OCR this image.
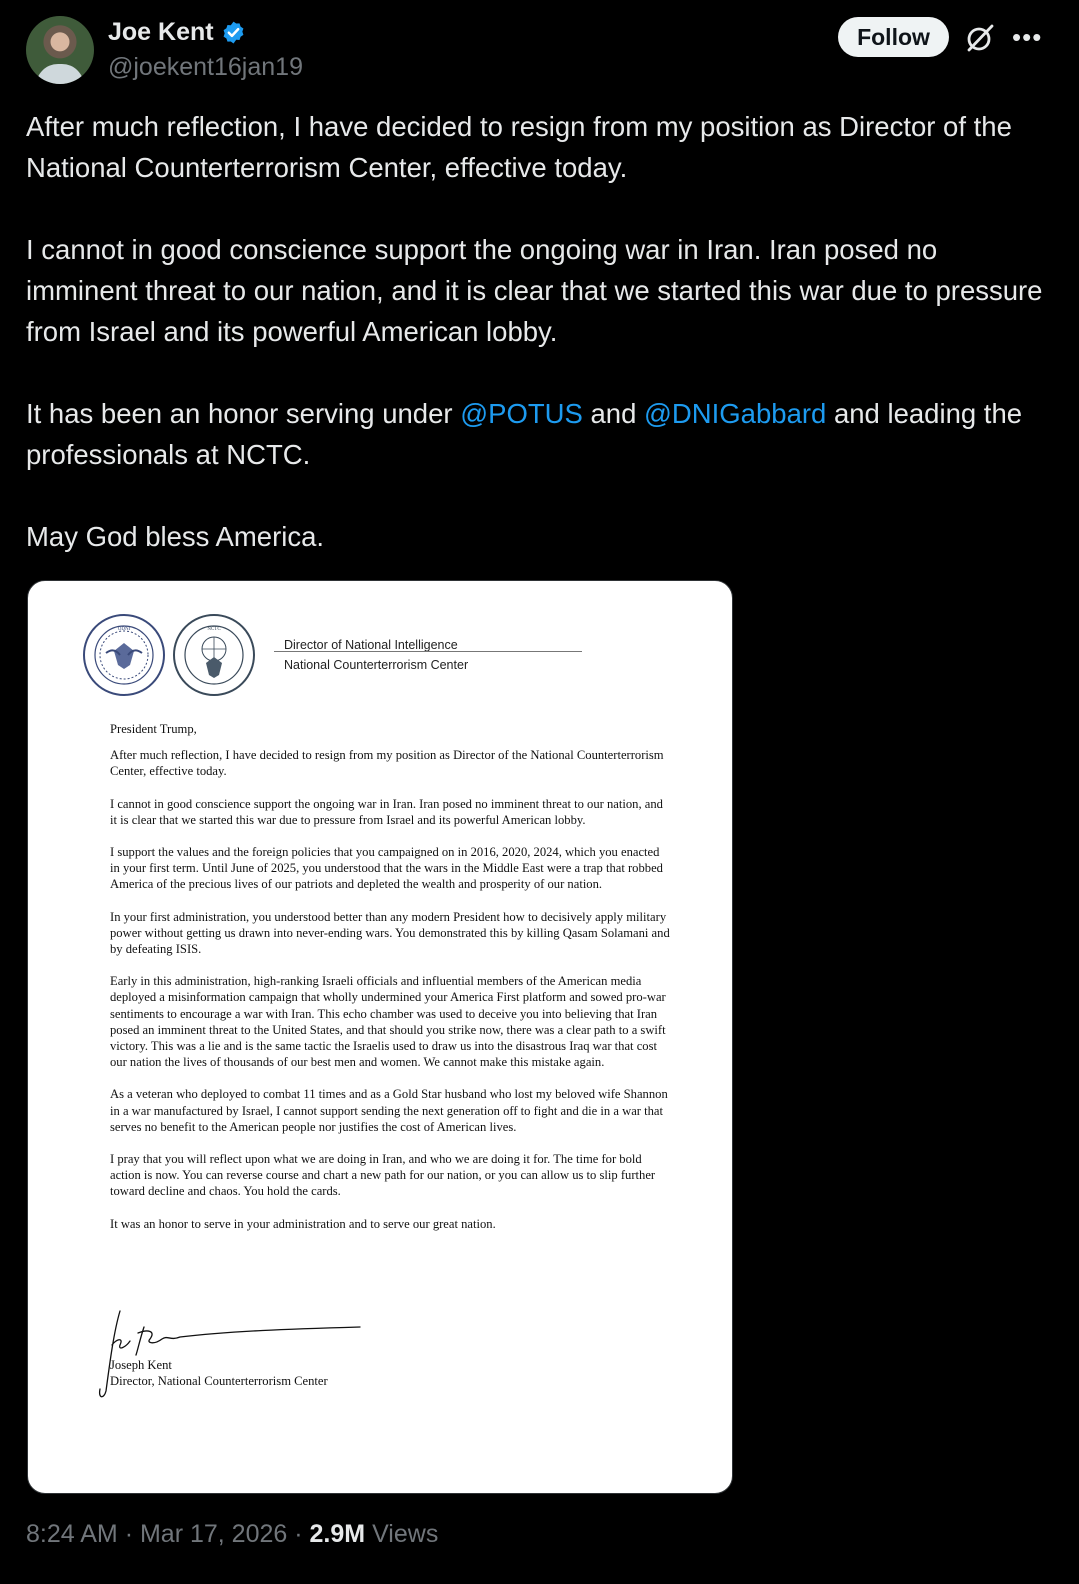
Joe Kent
@joekent16jan19
Follow	•••

After much reflection, I have decided to resign from my position as Director of the National Counterterrorism Center, effective today.

I cannot in good conscience support the ongoing war in Iran. Iran posed no imminent threat to our nation, and it is clear that we started this war due to pressure from Israel and its powerful American lobby.

It has been an honor serving under @POTUS and @DNIGabbard and leading the professionals at NCTC.

May God bless America.

ODNI	NCTC
Director of National Intelligence
National Counterterrorism Center

President Trump,

After much reflection, I have decided to resign from my position as Director of the National Counterterrorism Center, effective today.

I cannot in good conscience support the ongoing war in Iran. Iran posed no imminent threat to our nation, and it is clear that we started this war due to pressure from Israel and its powerful American lobby.

I support the values and the foreign policies that you campaigned on in 2016, 2020, 2024, which you enacted in your first term. Until June of 2025, you understood that the wars in the Middle East were a trap that robbed America of the precious lives of our patriots and depleted the wealth and prosperity of our nation.

In your first administration, you understood better than any modern President how to decisively apply military power without getting us drawn into never-ending wars. You demonstrated this by killing Qasam Solamani and by defeating ISIS.

Early in this administration, high-ranking Israeli officials and influential members of the American media deployed a misinformation campaign that wholly undermined your America First platform and sowed pro-war sentiments to encourage a war with Iran. This echo chamber was used to deceive you into believing that Iran posed an imminent threat to the United States, and that should you strike now, there was a clear path to a swift victory. This was a lie and is the same tactic the Israelis used to draw us into the disastrous Iraq war that cost our nation the lives of thousands of our best men and women. We cannot make this mistake again.

As a veteran who deployed to combat 11 times and as a Gold Star husband who lost my beloved wife Shannon in a war manufactured by Israel, I cannot support sending the next generation off to fight and die in a war that serves no benefit to the American people nor justifies the cost of American lives.

I pray that you will reflect upon what we are doing in Iran, and who we are doing it for. The time for bold action is now. You can reverse course and chart a new path for our nation, or you can allow us to slip further toward decline and chaos. You hold the cards.

It was an honor to serve in your administration and to serve our great nation.

Joseph Kent
Director, National Counterterrorism Center
8:24 AM · Mar 17, 2026 · 2.9M Views
